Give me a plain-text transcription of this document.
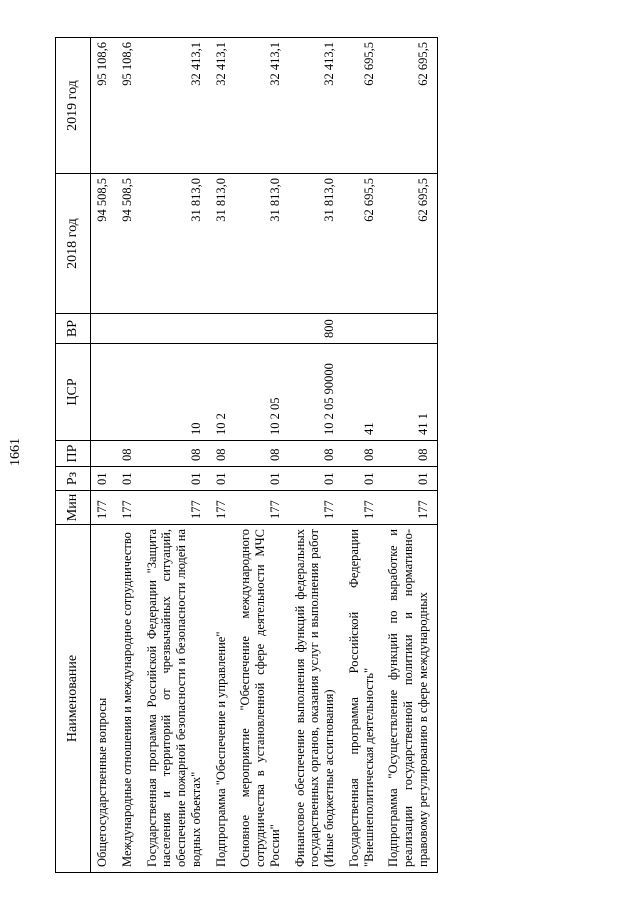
1661
Наименование	Мин	Рз	ПР	ЦСР	ВР	2018 год	2019 год
Общегосударственные вопросы	177	01				94 508,5	95 108,6
Международные отношения и международное сотрудничество	177	01	08			94 508,5	95 108,6
Государственная программа Российской Федерации "Защита населения и территорий от чрезвычайных ситуаций, обеспечение пожарной безопасности и безопасности людей на водных объектах"	177	01	08	10		31 813,0	32 413,1
Подпрограмма "Обеспечение и управление"	177	01	08	10 2		31 813,0	32 413,1
Основное мероприятие "Обеспечение международного сотрудничества в установленной сфере деятельности МЧС России"	177	01	08	10 2 05		31 813,0	32 413,1
Финансовое обеспечение выполнения функций федеральных государственных органов, оказания услуг и выполнения работ (Иные бюджетные ассигнования)	177	01	08	10 2 05 90000	800	31 813,0	32 413,1
Государственная программа Российской Федерации "Внешнеполитическая деятельность"	177	01	08	41		62 695,5	62 695,5
Подпрограмма "Осуществление функций по выработке и реализации государственной политики и нормативно-правовому регулированию в сфере международных	177	01	08	41 1		62 695,5	62 695,5
